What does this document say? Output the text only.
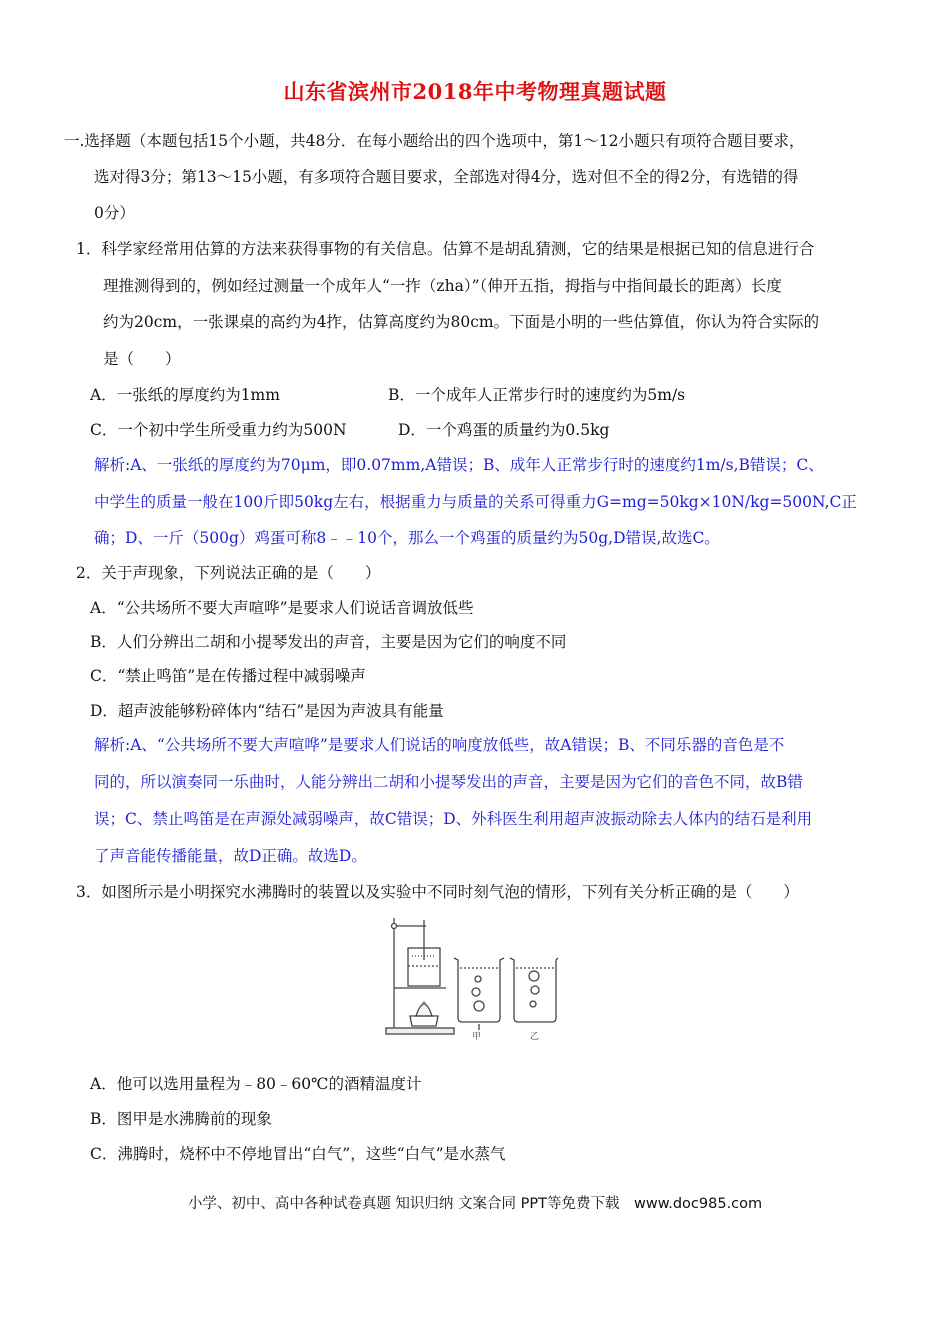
山东省滨州市2018年中考物理真题试题
一.选择题（本题包括15个小题，共48分．在每小题给出的四个选项中，第1～12小题只有项符合题目要求，
选对得3分；第13～15小题，有多项符合题目要求，全部选对得4分，选对但不全的得2分，有选错的得
0分）
1．科学家经常用估算的方法来获得事物的有关信息。估算不是胡乱猜测，它的结果是根据已知的信息进行合
理推测得到的，例如经过测量一个成年人“一拃（zha）”（伸开五指，拇指与中指间最长的距离）长度
约为20cm，一张课桌的高约为4拃，估算高度约为80cm。下面是小明的一些估算值，你认为符合实际的
是（　　）
A．一张纸的厚度约为1mm	B．一个成年人正常步行时的速度约为5m/s
C．一个初中学生所受重力约为500N	D．一个鸡蛋的质量约为0.5kg
解析:A、一张纸的厚度约为70μm，即0.07mm,A错误；B、成年人正常步行时的速度约1m/s,B错误；C、
中学生的质量一般在100斤即50kg左右，根据重力与质量的关系可得重力G=mg=50kg×10N/kg=500N,C正
确；D、一斤（500g）鸡蛋可称8﹣﹣10个，那么一个鸡蛋的质量约为50g,D错误,故选C。
2．关于声现象，下列说法正确的是（　　）
A．“公共场所不要大声喧哗”是要求人们说话音调放低些
B．人们分辨出二胡和小提琴发出的声音，主要是因为它们的响度不同
C．“禁止鸣笛”是在传播过程中减弱噪声
D．超声波能够粉碎体内“结石”是因为声波具有能量
解析:A、“公共场所不要大声喧哗”是要求人们说话的响度放低些，故A错误；B、不同乐器的音色是不
同的，所以演奏同一乐曲时，人能分辨出二胡和小提琴发出的声音，主要是因为它们的音色不同，故B错
误；C、禁止鸣笛是在声源处减弱噪声，故C错误；D、外科医生利用超声波振动除去人体内的结石是利用
了声音能传播能量，故D正确。故选D。
3．如图所示是小明探究水沸腾时的装置以及实验中不同时刻气泡的情形，下列有关分析正确的是（　　）
甲	乙
A．他可以选用量程为﹣80﹣60℃的酒精温度计
B．图甲是水沸腾前的现象
C．沸腾时，烧杯中不停地冒出“白气”，这些“白气”是水蒸气
小学、初中、高中各种试卷真题 知识归纳 文案合同 PPT等免费下载　www.doc985.com
